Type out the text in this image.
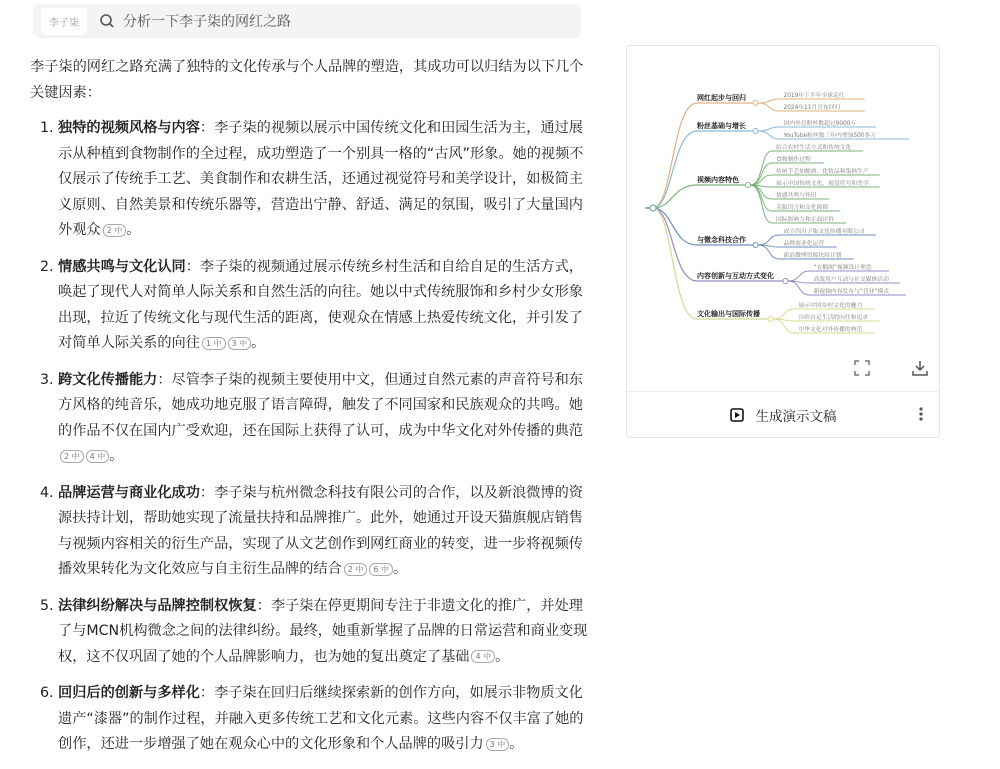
李子柒	分析一下李子柒的网红之路

李子柒的网红之路充满了独特的文化传承与个人品牌的塑造，其成功可以归结为以下几个关键因素：

1. 独特的视频风格与内容：李子柒的视频以展示中国传统文化和田园生活为主，通过展示从种植到食物制作的全过程，成功塑造了一个别具一格的“古风”形象。她的视频不仅展示了传统手工艺、美食制作和农耕生活，还通过视觉符号和美学设计，如极简主义原则、自然美景和传统乐器等，营造出宁静、舒适、满足的氛围，吸引了大量国内外观众 2 中 。
2. 情感共鸣与文化认同：李子柒的视频通过展示传统乡村生活和自给自足的生活方式，唤起了现代人对简单人际关系和自然生活的向往。她以中式传统服饰和乡村少女形象出现，拉近了传统文化与现代生活的距离，使观众在情感上热爱传统文化，并引发了对简单人际关系的向往 1 中 3 中 。
3. 跨文化传播能力：尽管李子柒的视频主要使用中文，但通过自然元素的声音符号和东方风格的纯音乐，她成功地克服了语言障碍，触发了不同国家和民族观众的共鸣。她的作品不仅在国内广受欢迎，还在国际上获得了认可，成为中华文化对外传播的典范2 中 4 中 。
4. 品牌运营与商业化成功：李子柒与杭州微念科技有限公司的合作，以及新浪微博的资源扶持计划，帮助她实现了流量扶持和品牌推广。此外，她通过开设天猫旗舰店销售与视频内容相关的衍生产品，实现了从文艺创作到网红商业的转变，进一步将视频传播效果转化为文化效应与自主衍生品牌的结合 2 中 6 中 。
5. 法律纠纷解决与品牌控制权恢复：李子柒在停更期间专注于非遗文化的推广，并处理了与MCN机构微念之间的法律纠纷。最终，她重新掌握了品牌的日常运营和商业变现权，这不仅巩固了她的个人品牌影响力，也为她的复出奠定了基础 4 中 。
6. 回归后的创新与多样化：李子柒在回归后继续探索新的创作方向，如展示非物质文化遗产“漆器”的制作过程，并融入更多传统工艺和文化元素。这些内容不仅丰富了她的创作，还进一步增强了她在观众心中的文化形象和个人品牌的吸引力 3 中 。
网红起步与回归	2019年下半年全球走红
2024年11月宣布回归
粉丝基础与增长	国内外总粉丝数超过9000万
YouTube粉丝数三年内增加500多万
视频内容特色
结合农村生活方式和传统文化
食物制作过程
传统手艺如酿酒、化妆品和染料生产
展示中国传统文化、视觉符号和美学
情感共鸣与怀旧
克服语言和文化障碍
国际影响力和正面评价
与微念科技合作
成立四川子柒文化传播有限公司
品牌商业化运营
新浪微博资源扶持计划
内容创新与互动方式变化
“衣榴阁”视频设计理念
高效用户互动与社交媒体活动
新视频内容发布与“营业”模式
文化输出与国际传播
展示中国乡村文化的魅力
自给自足生活的向往和追求
中华文化对外传播的典范
生成演示文稿
